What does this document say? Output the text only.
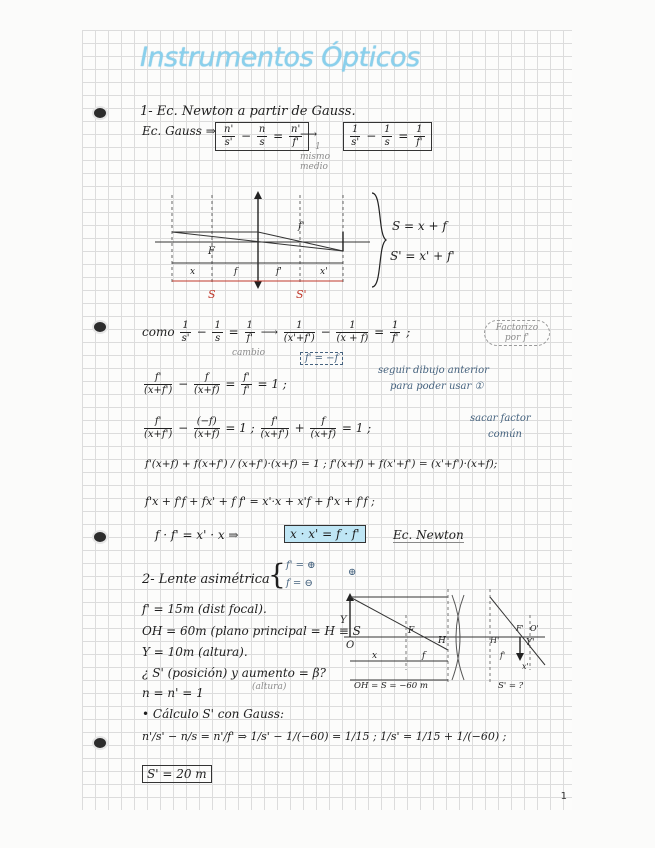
Instrumentos Ópticos
1- Ec. Newton a partir de Gauss.
Ec. Gauss ⇒ $\frac{n'}{s'} - \frac{n}{s} = \frac{n'}{f'}$
⟶
1
mismo
medio
$\frac{1}{s'} - \frac{1}{s} = \frac{1}{f'}$
f'
F
x	f	f'	x'
S	S'
S = x + f
S' = x' + f'
como $\frac{1}{s'} - \frac{1}{s} = \frac{1}{f'}$ ⟶ $\frac{1}{(x'+f')} - \frac{1}{(x + f)} = \frac{1}{f'}$ ;
cambio	f' = −f
Factorizo por f'
$\frac{f'}{(x+f')} - \frac{f}{(x+f)} = \frac{f'}{f'} = 1$ ;
seguir dibujo anterior
para poder usar ①
$\frac{f'}{(x+f')} - \frac{(-f)}{(x+f)} = 1$ ; $\frac{f'}{(x+f')} + \frac{f}{(x+f)} = 1$ ;
sacar factor
común
f'(x+f) + f(x+f') / (x+f')·(x+f) = 1 ; f'(x+f) + f(x'+f') = (x'+f')·(x+f);
f'x + f'f + fx' + f f' = x'·x + x'f + f'x + f'f ;
f · f' = x' · x ⇒	x · x' = f · f'	Ec. Newton
2- Lente asimétrica
{ f' = ⊕
f = ⊖
⊕
f' = 15m (dist focal).
OH = 60m (plano principal = H ≡ S
Y = 10m (altura).
¿ S' (posición) y aumento = β?
(altura)
n = n' = 1
• Cálculo S' con Gauss:
n'/s' − n/s = n'/f' ⇒ 1/s' − 1/(−60) = 1/15 ; 1/s' = 1/15 + 1/(−60) ;
S' = 20 m
Y
O
F
H	H'
F' O'
Y'
x	f	f'
x'
OH = S = −60 m	S' = ?
1
